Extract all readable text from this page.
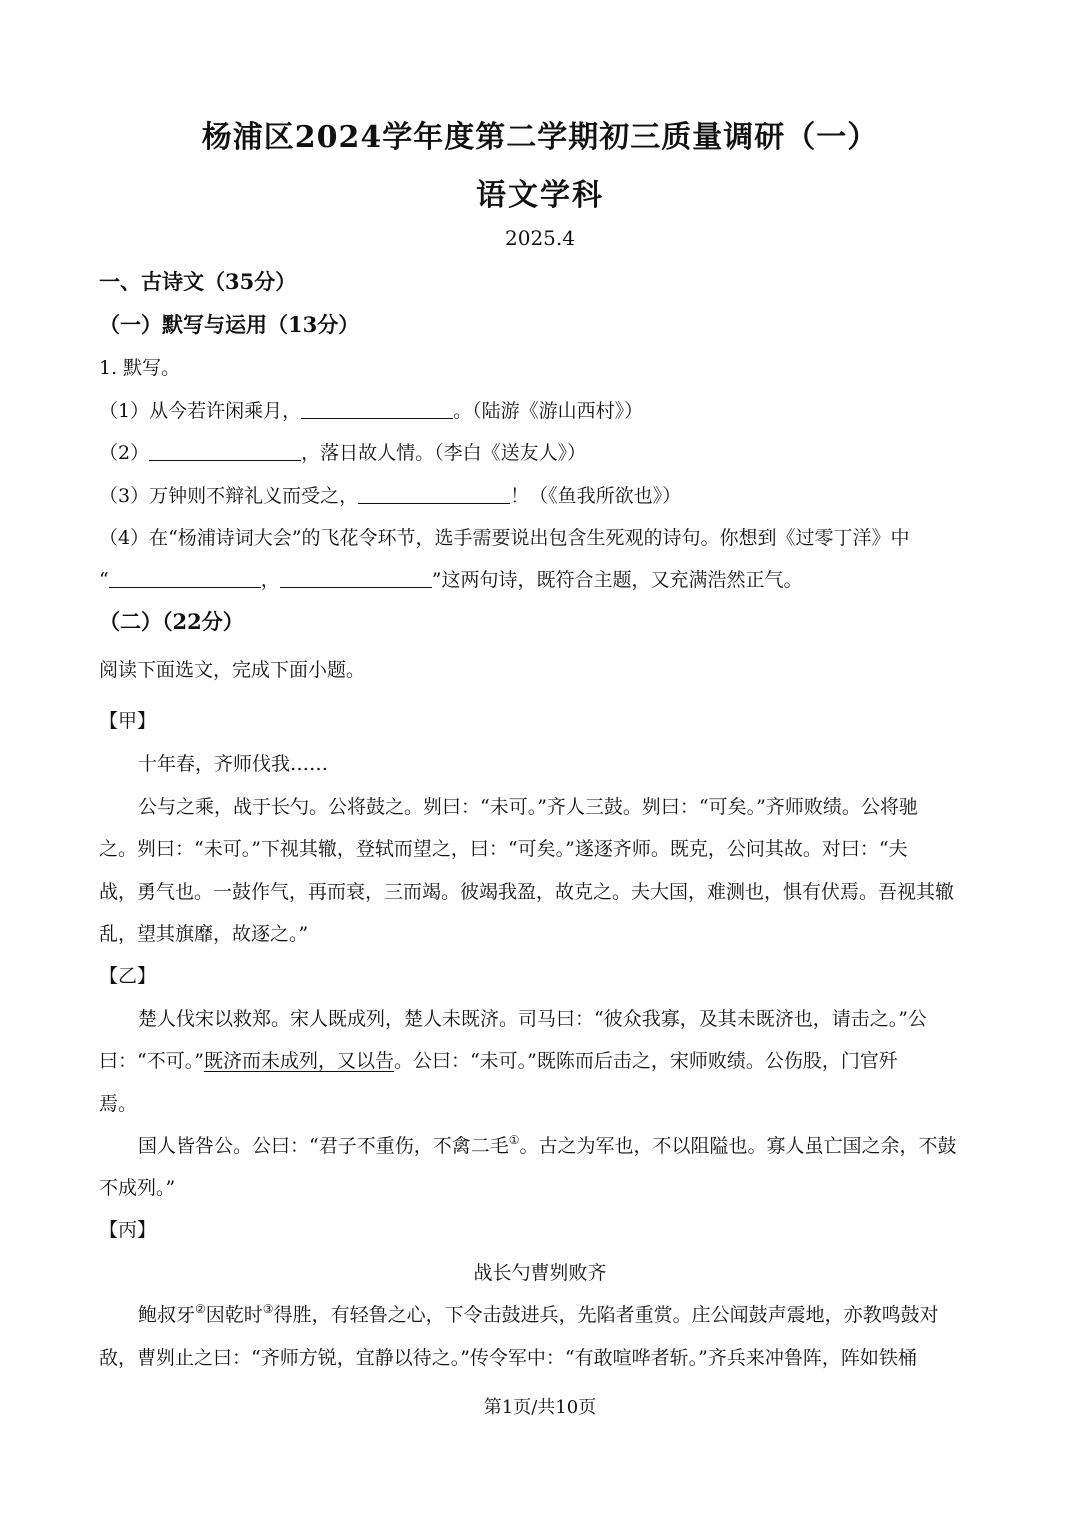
杨浦区2024学年度第二学期初三质量调研（一）
语文学科
2025.4
一、古诗文（35分）
（一）默写与运用（13分）
1. 默写。
（1）从今若许闲乘月，	。（陆游《游山西村》）
（2）	，落日故人情。（李白《送友人》）
（3）万钟则不辩礼义而受之，	！（《鱼我所欲也》）
（4）在“杨浦诗词大会”的飞花令环节，选手需要说出包含生死观的诗句。你想到《过零丁洋》中
“	，	”这两句诗，既符合主题，又充满浩然正气。
（二）（22分）
阅读下面选文，完成下面小题。
【甲】
十年春，齐师伐我……
公与之乘，战于长勺。公将鼓之。刿曰：“未可。”齐人三鼓。刿曰：“可矣。”齐师败绩。公将驰
之。刿曰：“未可。”下视其辙，登轼而望之，曰：“可矣。”遂逐齐师。既克，公问其故。对曰：“夫
战，勇气也。一鼓作气，再而衰，三而竭。彼竭我盈，故克之。夫大国，难测也，惧有伏焉。吾视其辙
乱，望其旗靡，故逐之。”
【乙】
楚人伐宋以救郑。宋人既成列，楚人未既济。司马曰：“彼众我寡，及其未既济也，请击之。”公
曰：“不可。”既济而未成列，又以告。公曰：“未可。”既陈而后击之，宋师败绩。公伤股，门官歼
焉。
国人皆咎公。公曰：“君子不重伤，不禽二毛①。古之为军也，不以阻隘也。寡人虽亡国之余，不鼓
不成列。”
【丙】
战长勺曹刿败齐
鲍叔牙②因乾时③得胜，有轻鲁之心，下令击鼓进兵，先陷者重赏。庄公闻鼓声震地，亦教鸣鼓对
敌，曹刿止之曰：“齐师方锐，宜静以待之。”传令军中：“有敢喧哗者斩。”齐兵来冲鲁阵，阵如铁桶
第1页/共10页
